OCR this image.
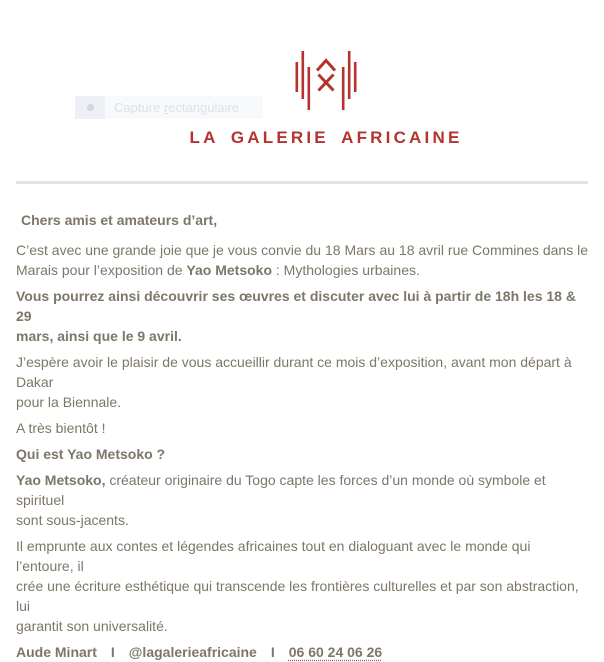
Capture r ectangulaire
LA GALERIE AFRICAINE

Chers amis et amateurs d’art,

C’est avec une grande joie que je vous convie du 18 Mars au 18 avril rue Commines dans le
Marais pour l’exposition de Yao Metsoko : Mythologies urbaines.

Vous pourrez ainsi découvrir ses œuvres et discuter avec lui à partir de 18h les 18 & 29
mars, ainsi que le 9 avril.

J’espère avoir le plaisir de vous accueillir durant ce mois d’exposition, avant mon départ à Dakar
pour la Biennale.

A très bientôt !

Qui est Yao Metsoko ?

Yao Metsoko, créateur originaire du Togo capte les forces d’un monde où symbole et spirituel
sont sous-jacents.

Il emprunte aux contes et légendes africaines tout en dialoguant avec le monde qui l’entoure, il
crée une écriture esthétique qui transcende les frontières culturelles et par son abstraction, lui
garantit son universalité.

Aude Minart I @lagalerieafricaine I 06 60 24 06 26
